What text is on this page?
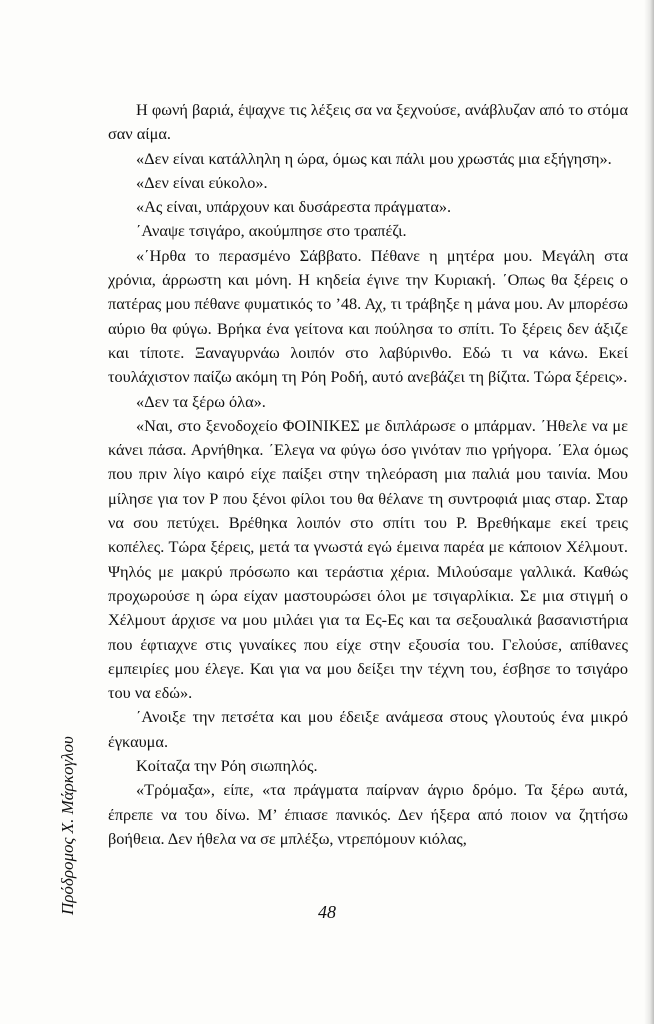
Η φωνή βαριά, έψαχνε τις λέξεις σα να ξεχνούσε, ανάβλυζαν από το στόμα σαν αίμα.

«Δεν είναι κατάλληλη η ώρα, όμως και πάλι μου χρωστάς μια εξήγηση».

«Δεν είναι εύκολο».

«Ας είναι, υπάρχουν και δυσάρεστα πράγματα».

΄Αναψε τσιγάρο, ακούμπησε στο τραπέζι.

«΄Ηρθα το περασμένο Σάββατο. Πέθανε η μητέρα μου. Μεγάλη στα χρόνια, άρρωστη και μόνη. Η κηδεία έγινε την Κυριακή. ΄Οπως θα ξέρεις ο πατέρας μου πέθανε φυματικός το ’48. Αχ, τι τράβηξε η μάνα μου. Αν μπορέσω αύριο θα φύγω. Βρήκα ένα γείτονα και πούλησα το σπίτι. Το ξέρεις δεν άξιζε και τίποτε. Ξαναγυρνάω λοιπόν στο λαβύρινθο. Εδώ τι να κάνω. Εκεί τουλάχιστον παίζω ακόμη τη Ρόη Ροδή, αυτό ανεβάζει τη βίζιτα. Τώρα ξέρεις».

«Δεν τα ξέρω όλα».

«Ναι, στο ξενοδοχείο ΦΟΙΝΙΚΕΣ με διπλάρωσε ο μπάρμαν. ΄Ηθελε να με κάνει πάσα. Αρνήθηκα. ΄Ελεγα να φύγω όσο γινόταν πιο γρήγορα. ΄Ελα όμως που πριν λίγο καιρό είχε παίξει στην τηλεόραση μια παλιά μου ταινία. Μου μίλησε για τον Ρ που ξένοι φίλοι του θα θέλανε τη συντροφιά μιας σταρ. Σταρ να σου πετύχει. Βρέθηκα λοιπόν στο σπίτι του Ρ. Βρεθήκαμε εκεί τρεις κοπέλες. Τώρα ξέρεις, μετά τα γνωστά εγώ έμεινα παρέα με κάποιον Χέλμουτ. Ψηλός με μακρύ πρόσωπο και τεράστια χέρια. Μιλούσαμε γαλλικά. Καθώς προχωρούσε η ώρα είχαν μαστουρώσει όλοι με τσιγαρλίκια. Σε μια στιγμή ο Χέλμουτ άρχισε να μου μιλάει για τα Ες-Ες και τα σεξουαλικά βασανιστήρια που έφτιαχνε στις γυναίκες που είχε στην εξουσία του. Γελούσε, απίθανες εμπειρίες μου έλεγε. Και για να μου δείξει την τέχνη του, έσβησε το τσιγάρο του να εδώ».

΄Ανοιξε την πετσέτα και μου έδειξε ανάμεσα στους γλουτούς ένα μικρό έγκαυμα.

Κοίταζα την Ρόη σιωπηλός.

«Τρόμαξα», είπε, «τα πράγματα παίρναν άγριο δρόμο. Τα ξέρω αυτά, έπρεπε να του δίνω. Μ’ έπιασε πανικός. Δεν ήξερα από ποιον να ζητήσω βοήθεια. Δεν ήθελα να σε μπλέξω, ντρεπόμουν κιόλας,

48
Πρόδρομος Χ. Μάρκογλου
